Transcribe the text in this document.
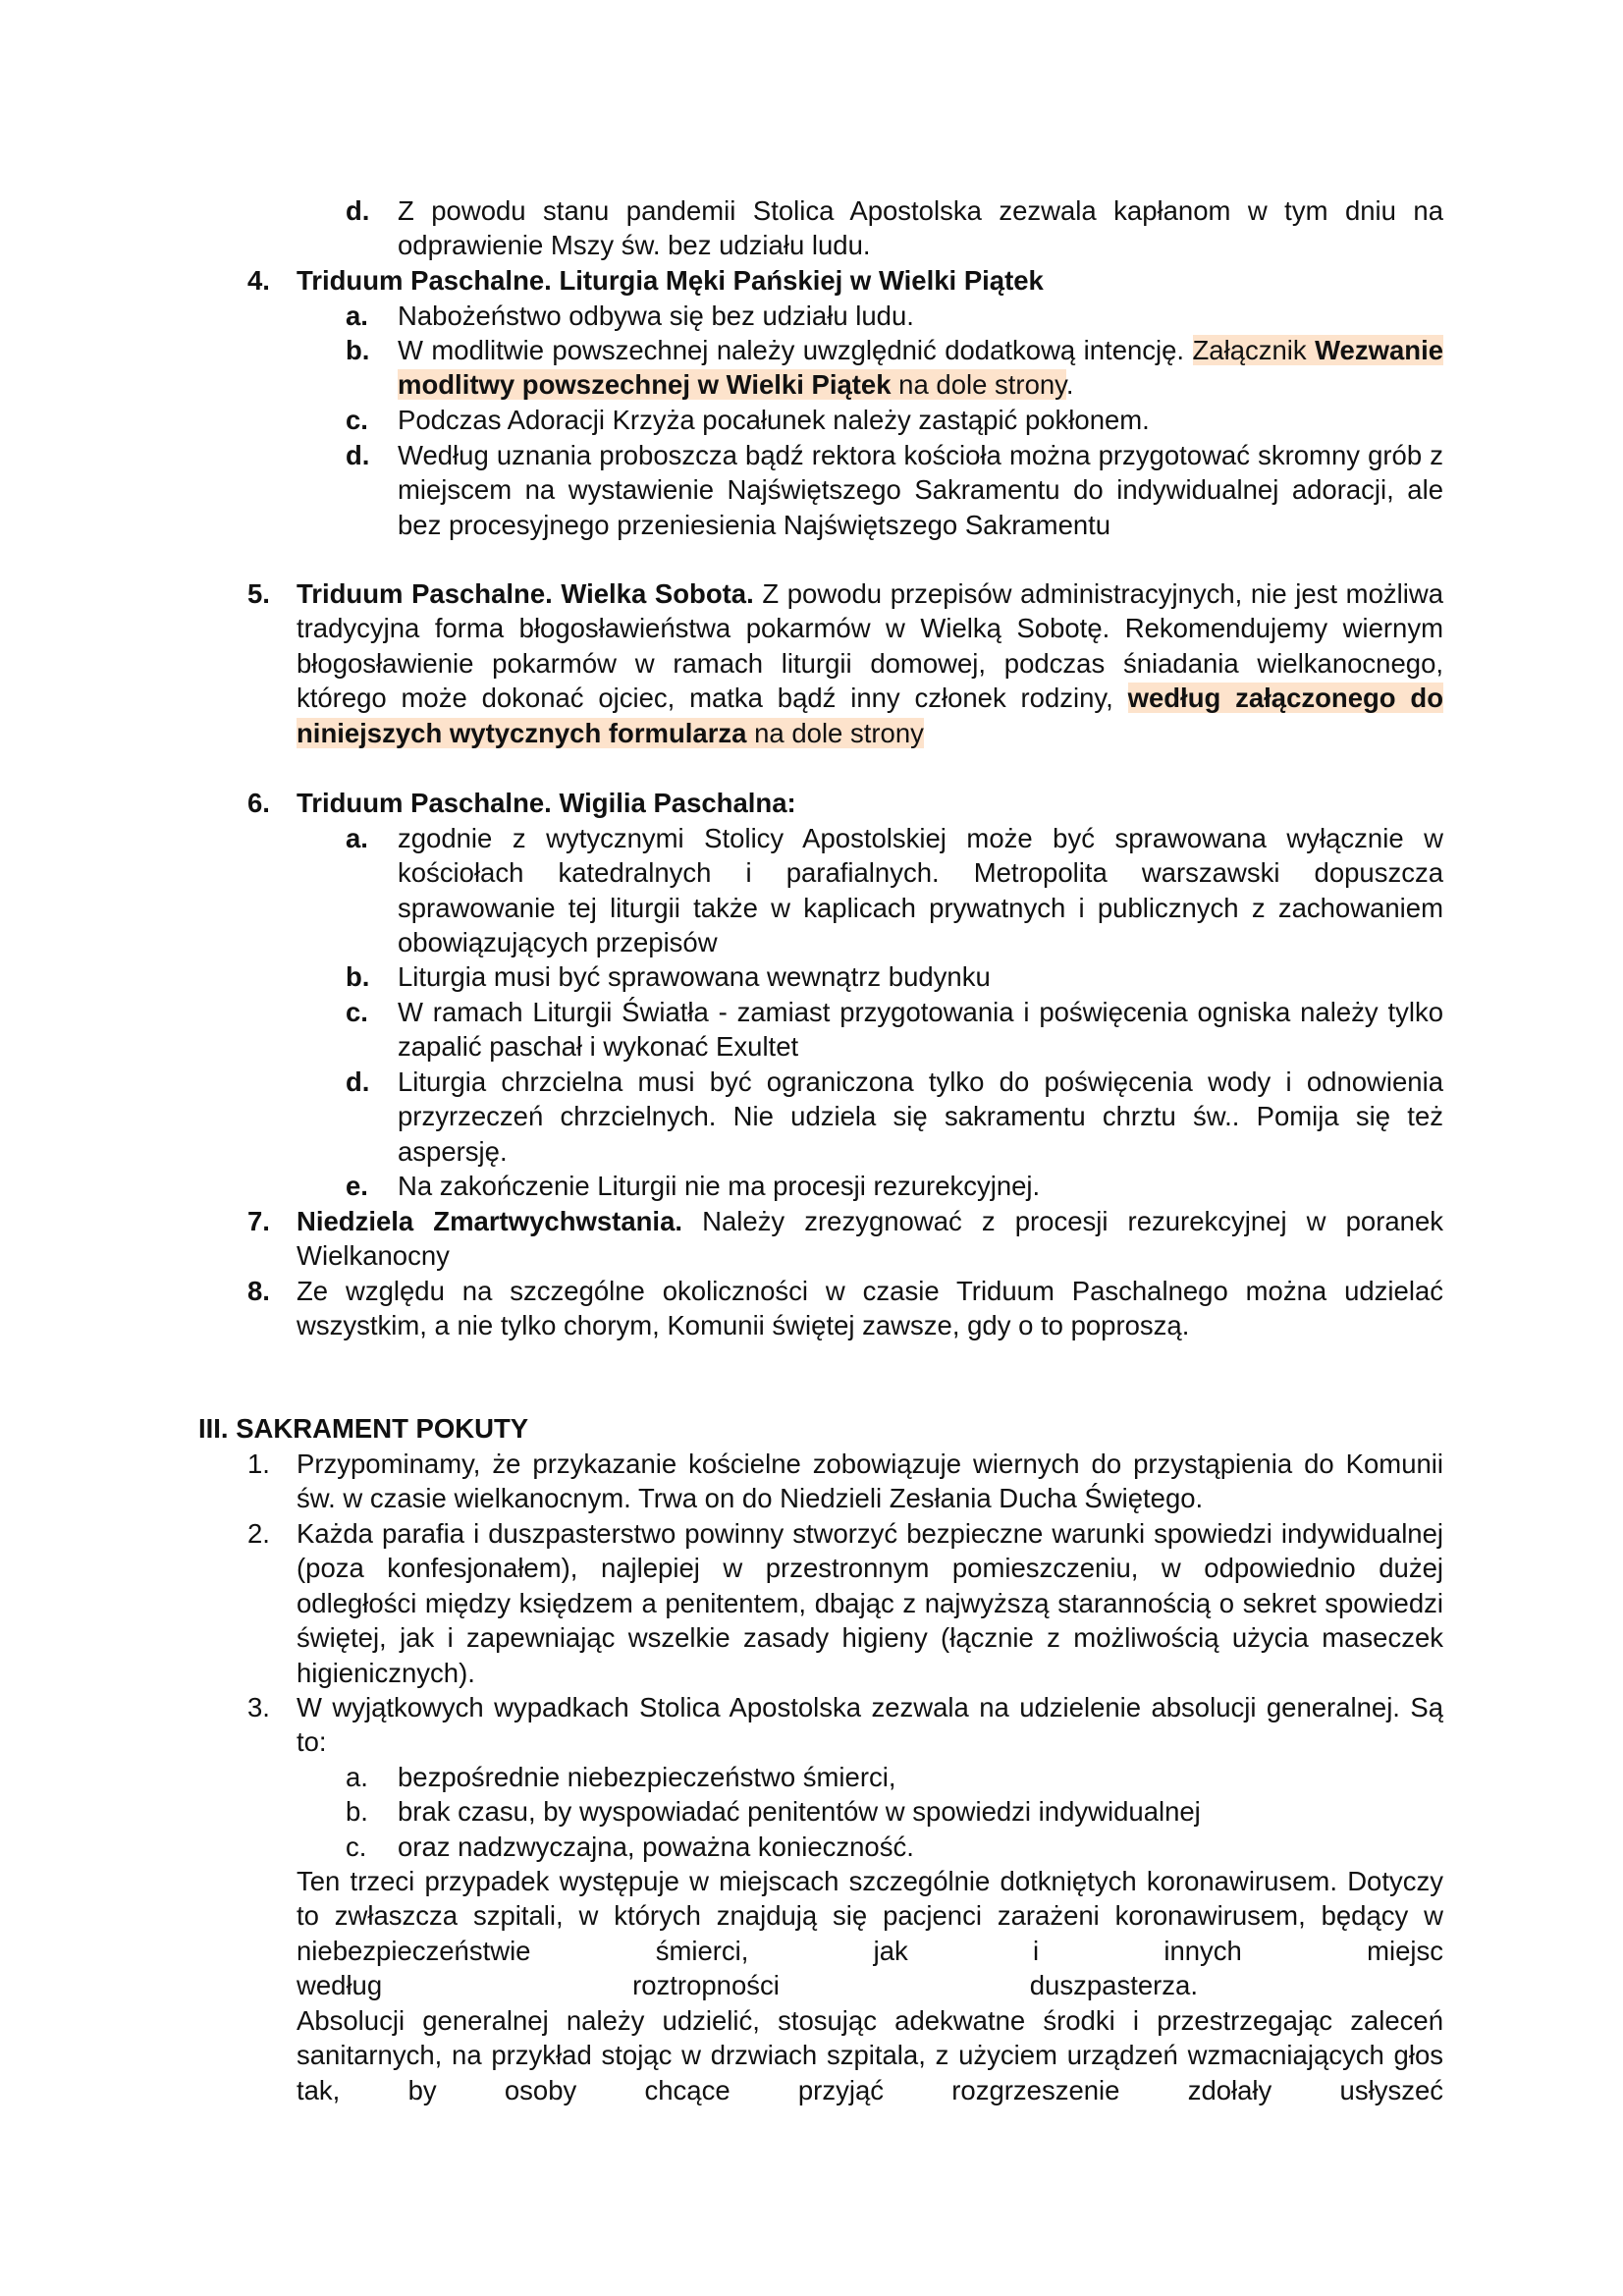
d. Z powodu stanu pandemii Stolica Apostolska zezwala kapłanom w tym dniu na odprawienie Mszy św. bez udziału ludu.
4. Triduum Paschalne. Liturgia Męki Pańskiej w Wielki Piątek
a. Nabożeństwo odbywa się bez udziału ludu.
b. W modlitwie powszechnej należy uwzględnić dodatkową intencję. Załącznik Wezwanie modlitwy powszechnej w Wielki Piątek na dole strony.
c. Podczas Adoracji Krzyża pocałunek należy zastąpić pokłonem.
d. Według uznania proboszcza bądź rektora kościoła można przygotować skromny grób z miejscem na wystawienie Najświętszego Sakramentu do indywidualnej adoracji, ale bez procesyjnego przeniesienia Najświętszego Sakramentu
5. Triduum Paschalne. Wielka Sobota. Z powodu przepisów administracyjnych, nie jest możliwa tradycyjna forma błogosławieństwa pokarmów w Wielką Sobotę. Rekomendujemy wiernym błogosławienie pokarmów w ramach liturgii domowej, podczas śniadania wielkanocnego, którego może dokonać ojciec, matka bądź inny członek rodziny, według załączonego do niniejszych wytycznych formularza na dole strony
6. Triduum Paschalne. Wigilia Paschalna:
a. zgodnie z wytycznymi Stolicy Apostolskiej może być sprawowana wyłącznie w kościołach katedralnych i parafialnych. Metropolita warszawski dopuszcza sprawowanie tej liturgii także w kaplicach prywatnych i publicznych z zachowaniem obowiązujących przepisów
b. Liturgia musi być sprawowana wewnątrz budynku
c. W ramach Liturgii Światła - zamiast przygotowania i poświęcenia ogniska należy tylko zapalić paschał i wykonać Exultet
d. Liturgia chrzcielna musi być ograniczona tylko do poświęcenia wody i odnowienia przyrzeczeń chrzcielnych. Nie udziela się sakramentu chrztu św.. Pomija się też aspersję.
e. Na zakończenie Liturgii nie ma procesji rezurekcyjnej.
7. Niedziela Zmartwychwstania. Należy zrezygnować z procesji rezurekcyjnej w poranek Wielkanocny
8. Ze względu na szczególne okoliczności w czasie Triduum Paschalnego można udzielać wszystkim, a nie tylko chorym, Komunii świętej zawsze, gdy o to poproszą.
III. SAKRAMENT POKUTY
1. Przypominamy, że przykazanie kościelne zobowiązuje wiernych do przystąpienia do Komunii św. w czasie wielkanocnym. Trwa on do Niedzieli Zesłania Ducha Świętego.
2. Każda parafia i duszpasterstwo powinny stworzyć bezpieczne warunki spowiedzi indywidualnej (poza konfesjonałem), najlepiej w przestronnym pomieszczeniu, w odpowiednio dużej odległości między księdzem a penitentem, dbając z najwyższą starannością o sekret spowiedzi świętej, jak i zapewniając wszelkie zasady higieny (łącznie z możliwością użycia maseczek higienicznych).
3. W wyjątkowych wypadkach Stolica Apostolska zezwala na udzielenie absolucji generalnej. Są to:
a. bezpośrednie niebezpieczeństwo śmierci,
b. brak czasu, by wyspowiadać penitentów w spowiedzi indywidualnej
c. oraz nadzwyczajna, poważna konieczność.
Ten trzeci przypadek występuje w miejscach szczególnie dotkniętych koronawirusem. Dotyczy to zwłaszcza szpitali, w których znajdują się pacjenci zarażeni koronawirusem, będący w niebezpieczeństwie śmierci, jak i innych miejsc
według	roztropności	duszpasterza.
Absolucji generalnej należy udzielić, stosując adekwatne środki i przestrzegając zaleceń sanitarnych, na przykład stojąc w drzwiach szpitala, z użyciem urządzeń wzmacniających głos tak, by osoby chcące przyjąć rozgrzeszenie zdołały usłyszeć
